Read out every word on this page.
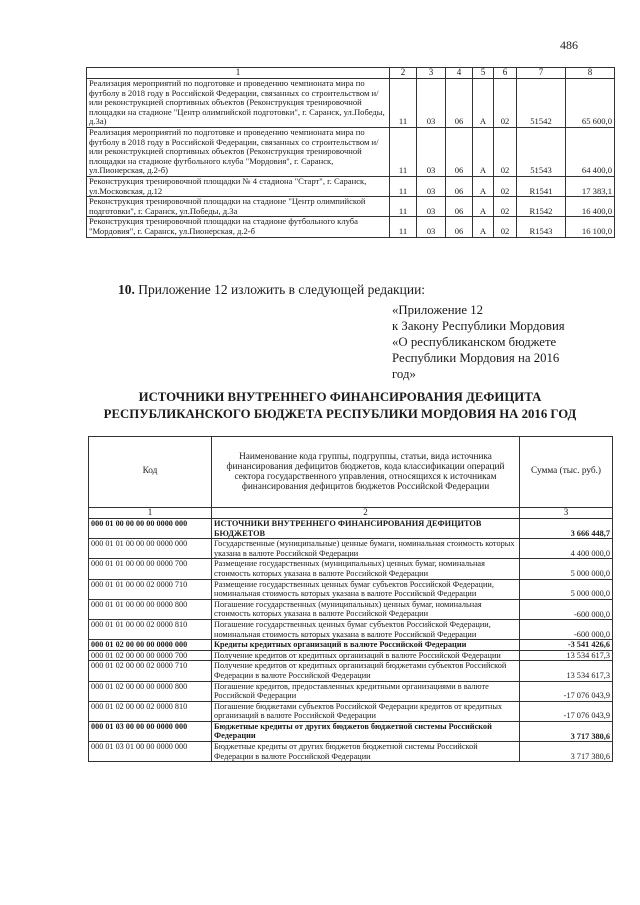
486
1	2	3	4	5	6	7	8
Реализация мероприятий по подготовке и проведению чемпионата мира по футболу в 2018 году в Российской Федерации, связанных со строительством и/или реконструкцией спортивных объектов (Реконструкция тренировочной площадки на стадионе "Центр олимпийской подготовки", г. Саранск, ул.Победы, д.3а)	11	03	06	А	02	51542	65 600,0
Реализация мероприятий по подготовке и проведению чемпионата мира по футболу в 2018 году в Российской Федерации, связанных со строительством и/или реконструкцией спортивных объектов (Реконструкция тренировочной площадки на стадионе футбольного клуба "Мордовия", г. Саранск, ул.Пионерская, д.2-б)	11	03	06	А	02	51543	64 400,0
Реконструкция тренировочной площадки № 4 стадиона "Старт", г. Саранск, ул.Московская, д.12	11	03	06	А	02	R1541	17 383,1
Реконструкция тренировочной площадки на стадионе "Центр олимпийской подготовки", г. Саранск, ул.Победы, д.3а	11	03	06	А	02	R1542	16 400,0
Реконструкция тренировочной площадки на стадионе футбольного клуба "Мордовия", г. Саранск, ул.Пионерская, д.2-б	11	03	06	А	02	R1543	16 100,0
10. Приложение 12 изложить в следующей редакции:
«Приложение 12
к Закону Республики Мордовия
«О республиканском бюджете
Республики Мордовия на 2016
год»
ИСТОЧНИКИ ВНУТРЕННЕГО ФИНАНСИРОВАНИЯ ДЕФИЦИТА
РЕСПУБЛИКАНСКОГО БЮДЖЕТА РЕСПУБЛИКИ МОРДОВИЯ НА 2016 ГОД
Код	Наименование кода группы, подгруппы, статьи, вида источника финансирования дефицитов бюджетов, кода классификации операций сектора государственного управления, относящихся к источникам финансирования дефицитов бюджетов Российской Федерации	Сумма (тыс. руб.)
1	2	3
000 01 00 00 00 00 0000 000	ИСТОЧНИКИ ВНУТРЕННЕГО ФИНАНСИРОВАНИЯ ДЕФИЦИТОВ БЮДЖЕТОВ	3 666 448,7
000 01 01 00 00 00 0000 000	Государственные (муниципальные) ценные бумаги, номинальная стоимость которых указана в валюте Российской Федерации	4 400 000,0
000 01 01 00 00 00 0000 700	Размещение государственных (муниципальных) ценных бумаг, номинальная стоимость которых указана в валюте Российской Федерации	5 000 000,0
000 01 01 00 00 02 0000 710	Размещение государственных ценных бумаг субъектов Российской Федерации, номинальная стоимость которых указана в валюте Российской Федерации	5 000 000,0
000 01 01 00 00 00 0000 800	Погашение государственных (муниципальных) ценных бумаг, номинальная стоимость которых указана в валюте Российской Федерации	-600 000,0
000 01 01 00 00 02 0000 810	Погашение государственных ценных бумаг субъектов Российской Федерации, номинальная стоимость которых указана в валюте Российской Федерации	-600 000,0
000 01 02 00 00 00 0000 000	Кредиты кредитных организаций в валюте Российской Федерации	-3 541 426,6
000 01 02 00 00 00 0000 700	Получение кредитов от кредитных организаций в валюте Российской Федерации	13 534 617,3
000 01 02 00 00 02 0000 710	Получение кредитов от кредитных организаций бюджетами субъектов Российской Федерации в валюте Российской Федерации	13 534 617,3
000 01 02 00 00 00 0000 800	Погашение кредитов, предоставленных кредитными организациями в валюте Российской Федерации	-17 076 043,9
000 01 02 00 00 02 0000 810	Погашение бюджетами субъектов Российской Федерации кредитов от кредитных организаций в валюте Российской Федерации	-17 076 043,9
000 01 03 00 00 00 0000 000	Бюджетные кредиты от других бюджетов бюджетной системы Российской Федерации	3 717 380,6
000 01 03 01 00 00 0000 000	Бюджетные кредиты от других бюджетов бюджетной системы Российской Федерации в валюте Российской Федерации	3 717 380,6
